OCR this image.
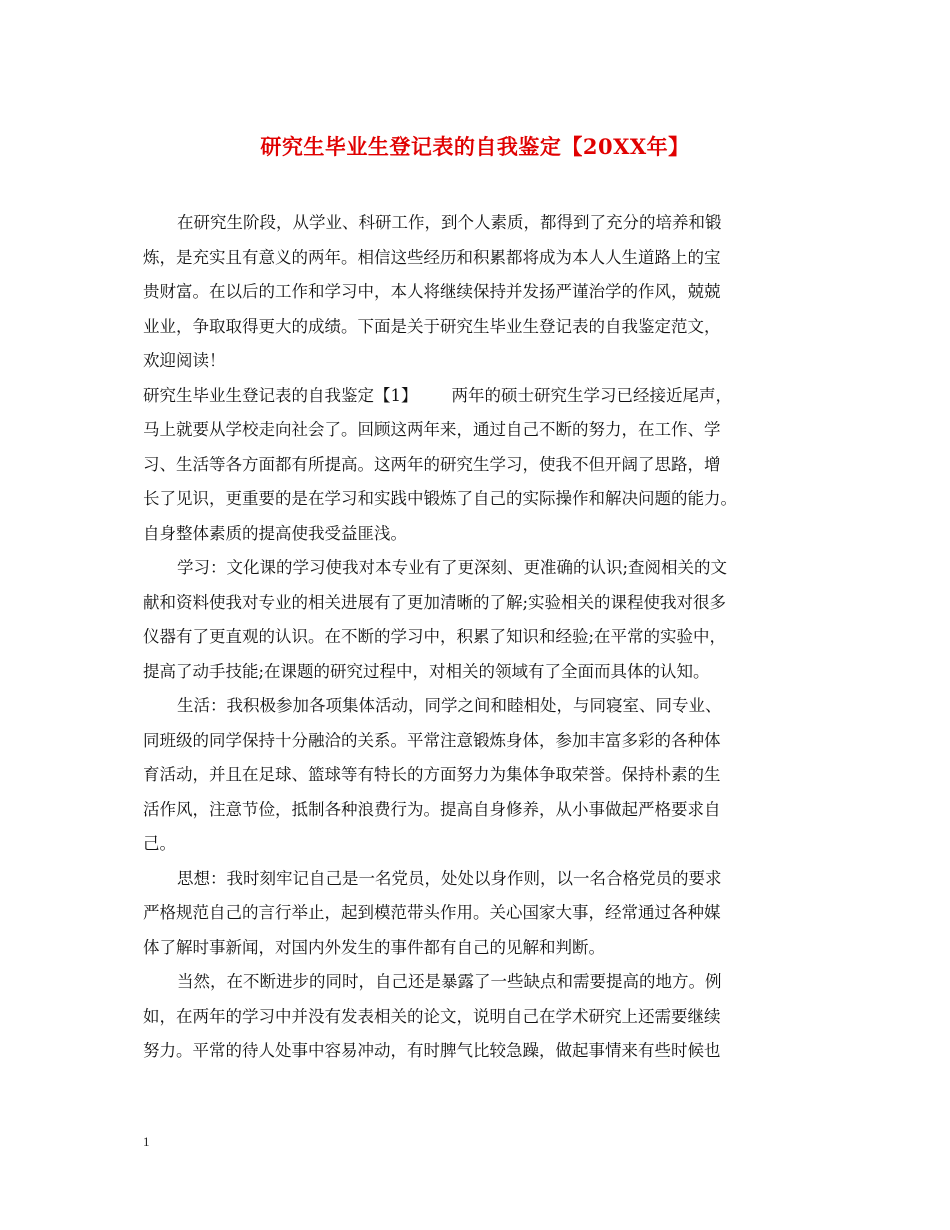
研究生毕业生登记表的自我鉴定【20XX年】
在研究生阶段，从学业、科研工作，到个人素质，都得到了充分的培养和锻
炼，是充实且有意义的两年。相信这些经历和积累都将成为本人人生道路上的宝
贵财富。在以后的工作和学习中，本人将继续保持并发扬严谨治学的作风，兢兢
业业，争取取得更大的成绩。下面是关于研究生毕业生登记表的自我鉴定范文，
欢迎阅读！
研究生毕业生登记表的自我鉴定【1】 两年的硕士研究生学习已经接近尾声，
马上就要从学校走向社会了。回顾这两年来，通过自己不断的努力，在工作、学
习、生活等各方面都有所提高。这两年的研究生学习，使我不但开阔了思路，增
长了见识，更重要的是在学习和实践中锻炼了自己的实际操作和解决问题的能力。
自身整体素质的提高使我受益匪浅。
学习：文化课的学习使我对本专业有了更深刻、更准确的认识;查阅相关的文
献和资料使我对专业的相关进展有了更加清晰的了解;实验相关的课程使我对很多
仪器有了更直观的认识。在不断的学习中，积累了知识和经验;在平常的实验中，
提高了动手技能;在课题的研究过程中，对相关的领域有了全面而具体的认知。
生活：我积极参加各项集体活动，同学之间和睦相处，与同寝室、同专业、
同班级的同学保持十分融洽的关系。平常注意锻炼身体，参加丰富多彩的各种体
育活动，并且在足球、篮球等有特长的方面努力为集体争取荣誉。保持朴素的生
活作风，注意节俭，抵制各种浪费行为。提高自身修养，从小事做起严格要求自
己。
思想：我时刻牢记自己是一名党员，处处以身作则，以一名合格党员的要求
严格规范自己的言行举止，起到模范带头作用。关心国家大事，经常通过各种媒
体了解时事新闻，对国内外发生的事件都有自己的见解和判断。
当然，在不断进步的同时，自己还是暴露了一些缺点和需要提高的地方。例
如，在两年的学习中并没有发表相关的论文，说明自己在学术研究上还需要继续
努力。平常的待人处事中容易冲动，有时脾气比较急躁，做起事情来有些时候也
1
